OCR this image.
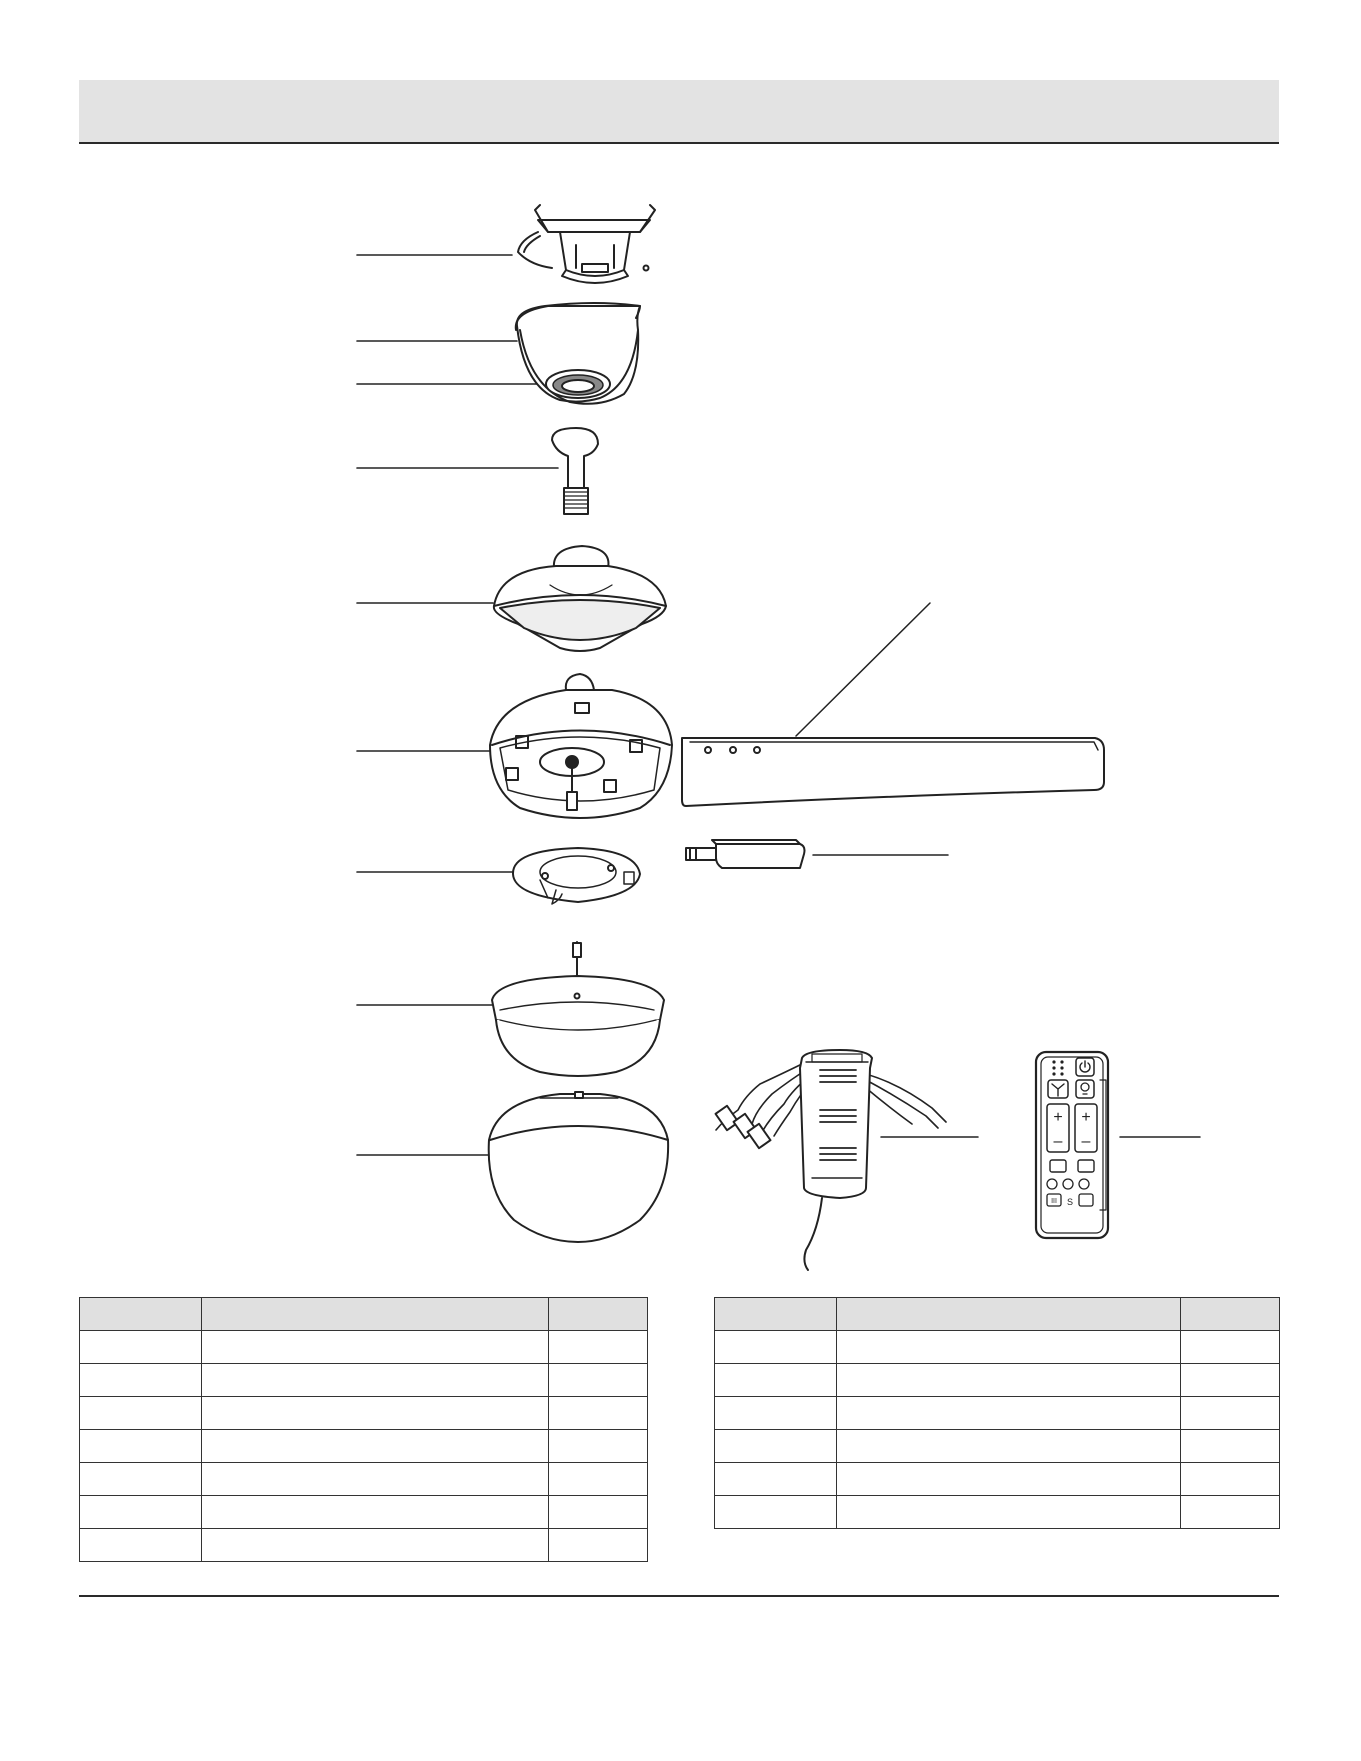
+ +
– –
III S
